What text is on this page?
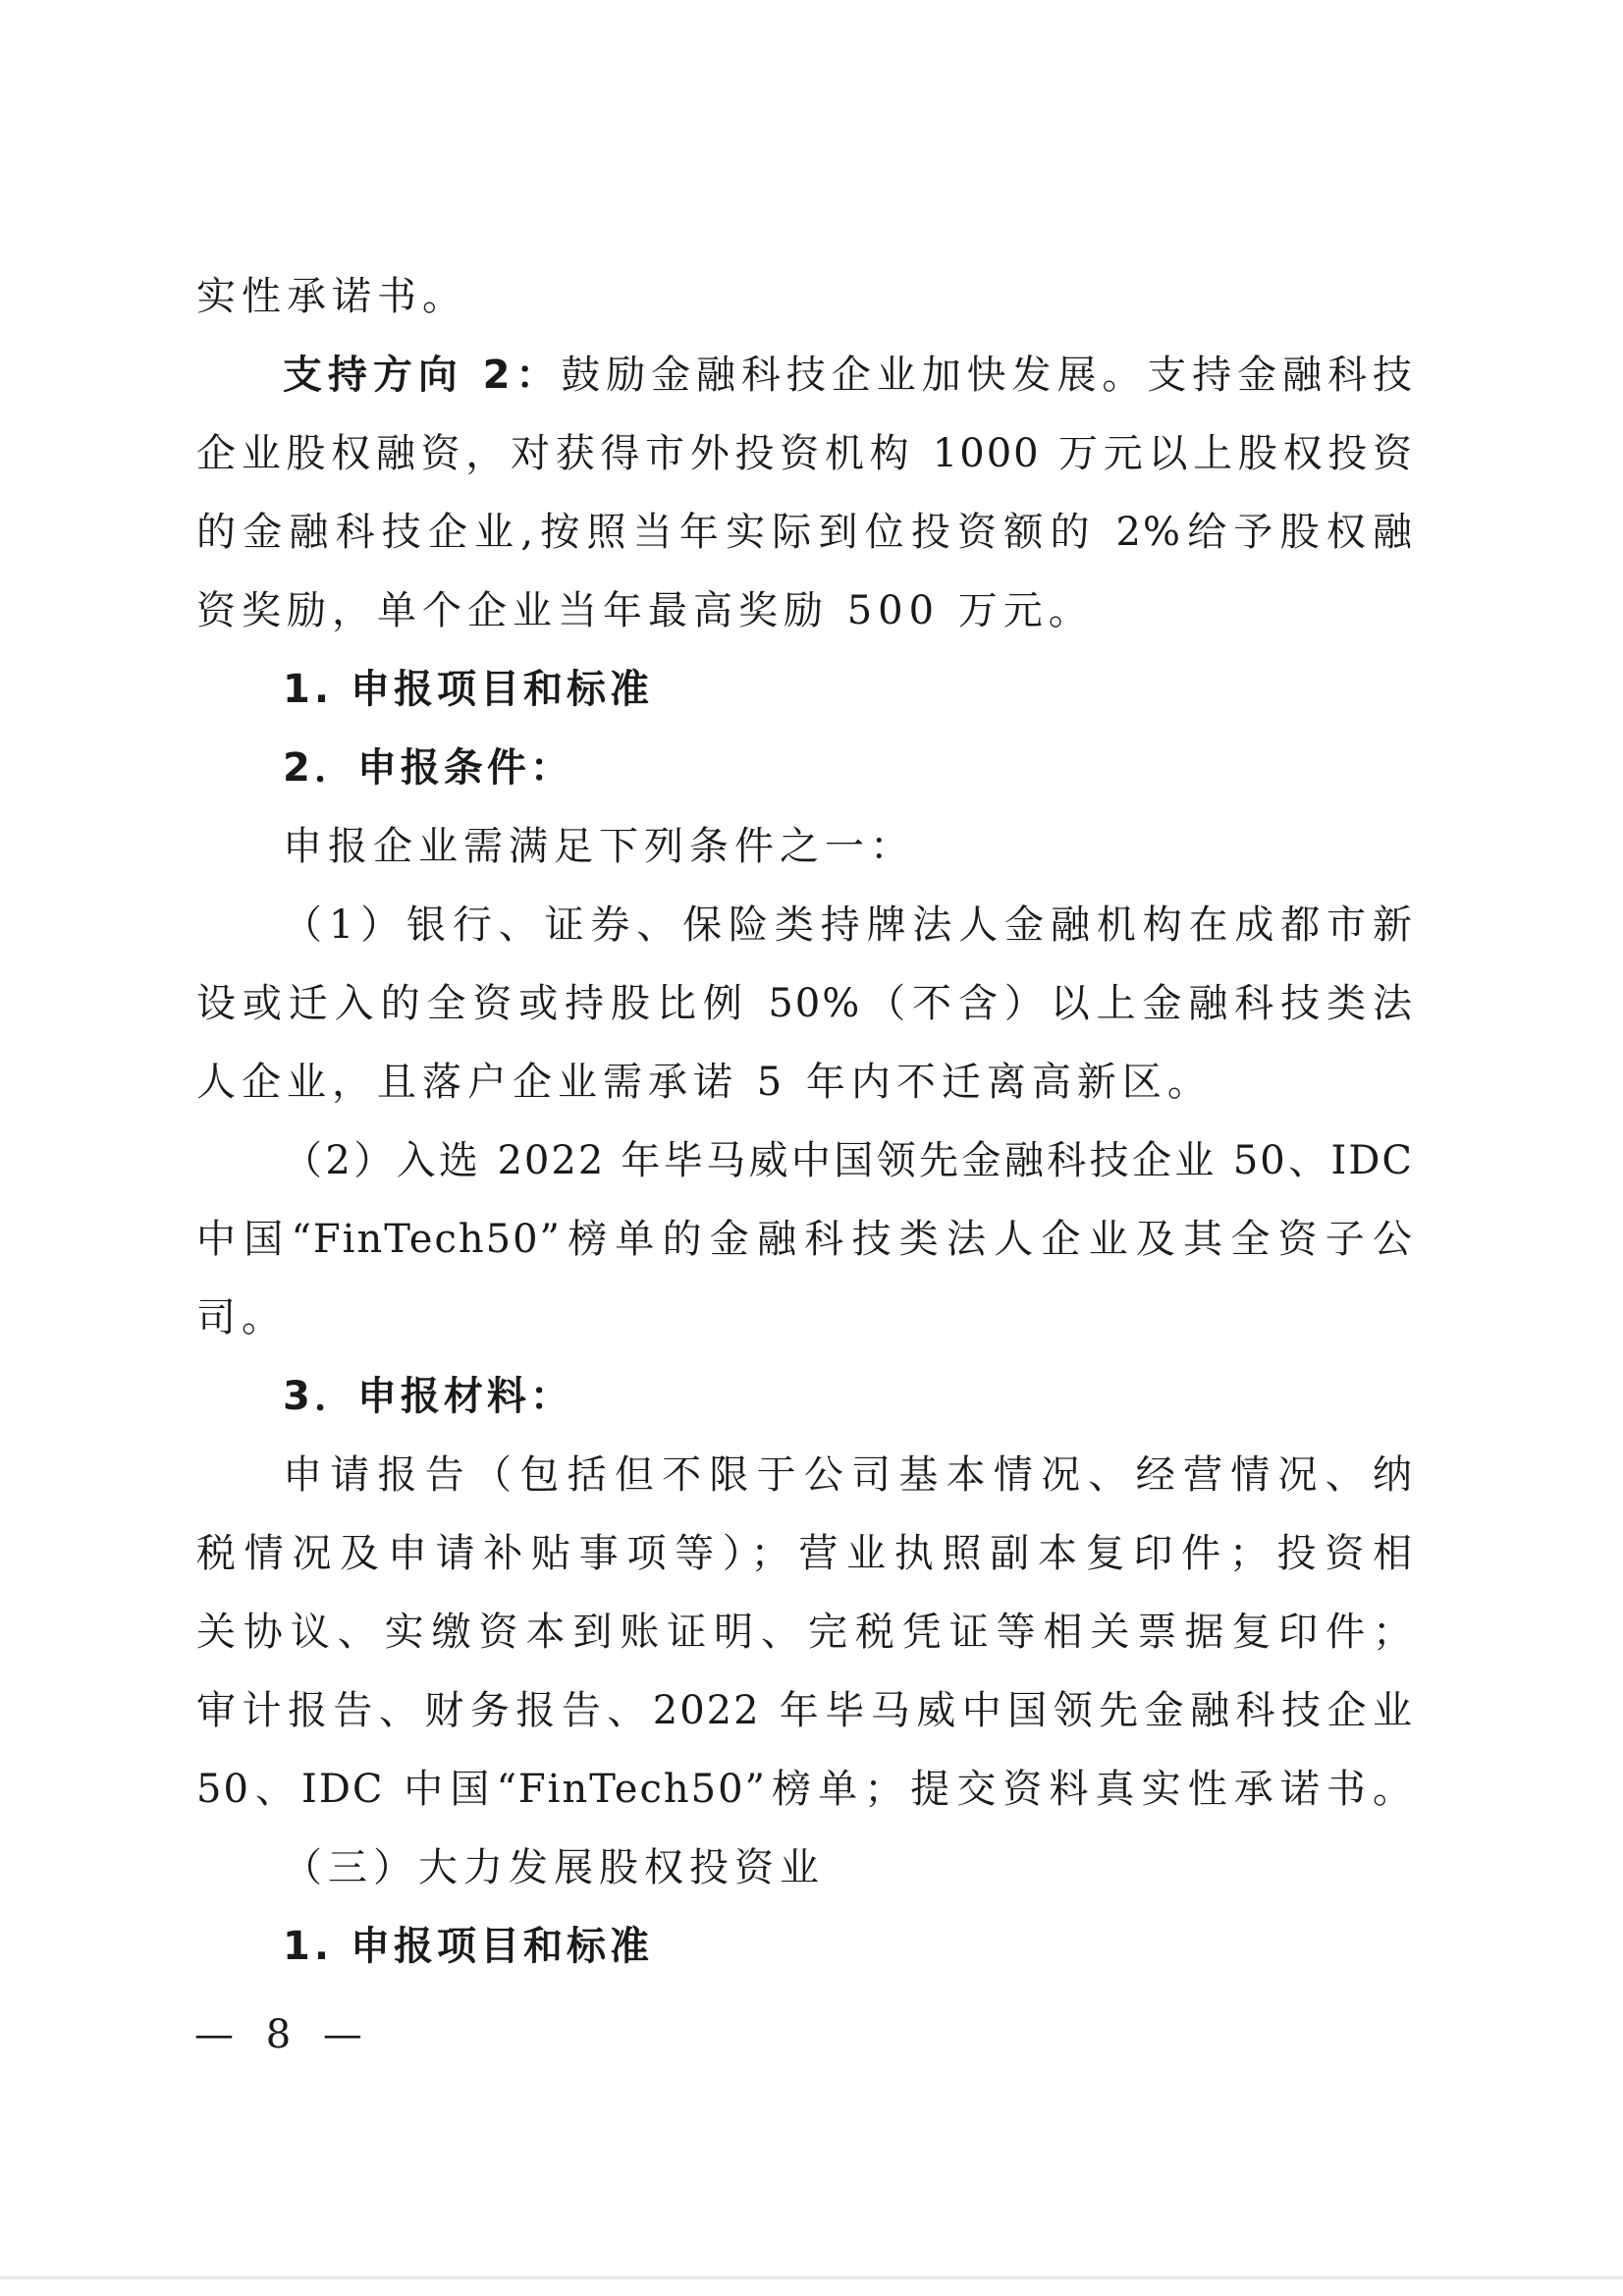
实性承诺书。
支持方向 2：鼓励金融科技企业加快发展。支持金融科技
企业股权融资，对获得市外投资机构 1000 万元以上股权投资
的金融科技企业,按照当年实际到位投资额的 2%给予股权融
资奖励，单个企业当年最高奖励 500 万元。
1. 申报项目和标准
2．申报条件：
申报企业需满足下列条件之一：
（1）银行、证券、保险类持牌法人金融机构在成都市新
设或迁入的全资或持股比例 50%（不含）以上金融科技类法
人企业，且落户企业需承诺 5 年内不迁离高新区。
（2）入选 2022 年毕马威中国领先金融科技企业 50、IDC
中国“FinTech50”榜单的金融科技类法人企业及其全资子公
司。
3．申报材料：
申请报告（包括但不限于公司基本情况、经营情况、纳
税情况及申请补贴事项等）；营业执照副本复印件；投资相
关协议、实缴资本到账证明、完税凭证等相关票据复印件；
审计报告、财务报告、2022 年毕马威中国领先金融科技企业
50、IDC 中国“FinTech50”榜单；提交资料真实性承诺书。
（三）大力发展股权投资业
1. 申报项目和标准
— 8 —
